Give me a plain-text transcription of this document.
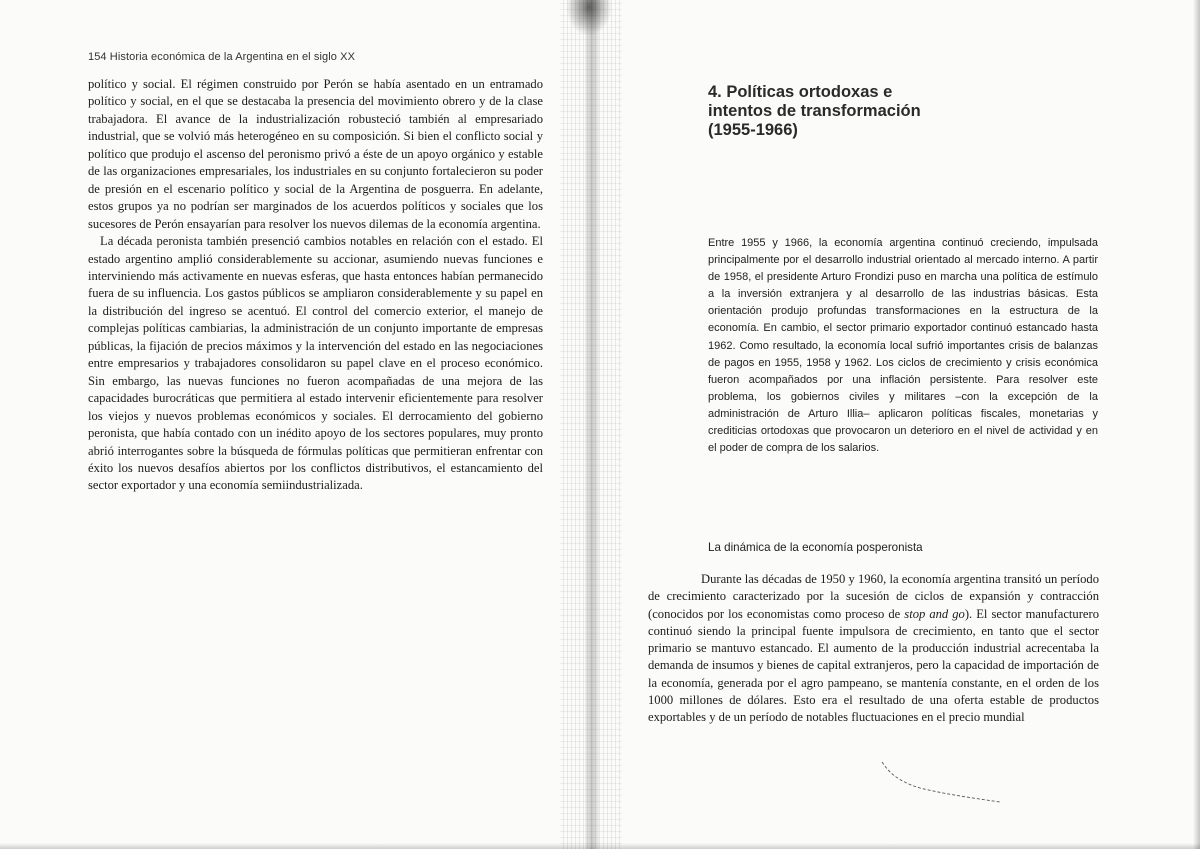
154 Historia económica de la Argentina en el siglo XX

político y social. El régimen construido por Perón se había asentado en un entramado político y social, en el que se destacaba la presencia del movimiento obrero y de la clase trabajadora. El avance de la industrialización robusteció también al empresariado industrial, que se volvió más heterogéneo en su composición. Si bien el conflicto social y político que produjo el ascenso del peronismo privó a éste de un apoyo orgánico y estable de las organizaciones empresariales, los industriales en su conjunto fortalecieron su poder de presión en el escenario político y social de la Argentina de posguerra. En adelante, estos grupos ya no podrían ser marginados de los acuerdos políticos y sociales que los sucesores de Perón ensayarían para resolver los nuevos dilemas de la economía argentina.

La década peronista también presenció cambios notables en relación con el estado. El estado argentino amplió considerablemente su accionar, asumiendo nuevas funciones e interviniendo más activamente en nuevas esferas, que hasta entonces habían permanecido fuera de su influencia. Los gastos públicos se ampliaron considerablemente y su papel en la distribución del ingreso se acentuó. El control del comercio exterior, el manejo de complejas políticas cambiarias, la administración de un conjunto importante de empresas públicas, la fijación de precios máximos y la intervención del estado en las negociaciones entre empresarios y trabajadores consolidaron su papel clave en el proceso económico. Sin embargo, las nuevas funciones no fueron acompañadas de una mejora de las capacidades burocráticas que permitiera al estado intervenir eficientemente para resolver los viejos y nuevos problemas económicos y sociales. El derrocamiento del gobierno peronista, que había contado con un inédito apoyo de los sectores populares, muy pronto abrió interrogantes sobre la búsqueda de fórmulas políticas que permitieran enfrentar con éxito los nuevos desafíos abiertos por los conflictos distributivos, el estancamiento del sector exportador y una economía semiindustrializada.

4. Políticas ortodoxas e
intentos de transformación
(1955-1966)
Entre 1955 y 1966, la economía argentina continuó creciendo, impulsada principalmente por el desarrollo industrial orientado al mercado interno. A partir de 1958, el presidente Arturo Frondizi puso en marcha una política de estímulo a la inversión extranjera y al desarrollo de las industrias básicas. Esta orientación produjo profundas transformaciones en la estructura de la economía. En cambio, el sector primario exportador continuó estancado hasta 1962. Como resultado, la economía local sufrió importantes crisis de balanzas de pagos en 1955, 1958 y 1962. Los ciclos de crecimiento y crisis económica fueron acompañados por una inflación persistente. Para resolver este problema, los gobiernos civiles y militares –con la excepción de la administración de Arturo Illia– aplicaron políticas fiscales, monetarias y crediticias ortodoxas que provocaron un deterioro en el nivel de actividad y en el poder de compra de los salarios.
La dinámica de la economía posperonista

Durante las décadas de 1950 y 1960, la economía argentina transitó un período de crecimiento caracterizado por la sucesión de ciclos de expansión y contracción (conocidos por los economistas como proceso de stop and go). El sector manufacturero continuó siendo la principal fuente impulsora de crecimiento, en tanto que el sector primario se mantuvo estancado. El aumento de la producción industrial acrecentaba la demanda de insumos y bienes de capital extranjeros, pero la capacidad de importación de la economía, generada por el agro pampeano, se mantenía constante, en el orden de los 1000 millones de dólares. Esto era el resultado de una oferta estable de productos exportables y de un período de notables fluctuaciones en el precio mundial
